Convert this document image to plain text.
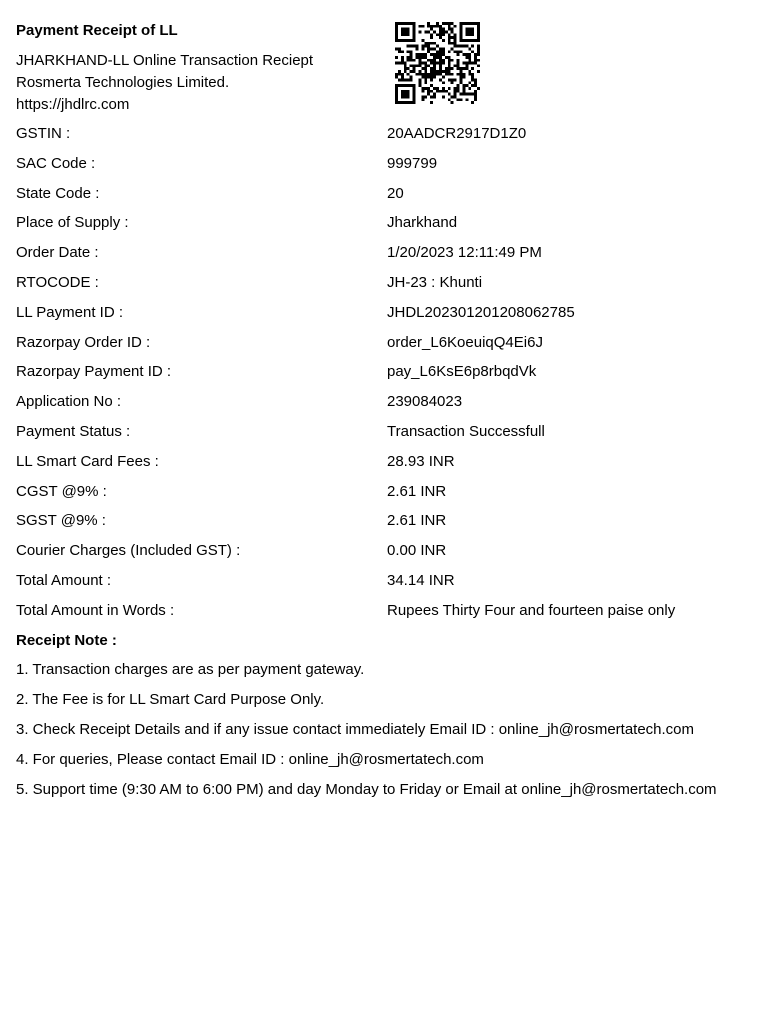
Payment Receipt of LL
JHARKHAND-LL Online Transaction Reciept
Rosmerta Technologies Limited.
https://jhdlrc.com
GSTIN :	20AADCR2917D1Z0
SAC Code :	999799
State Code :	20
Place of Supply :	Jharkhand
Order Date :	1/20/2023 12:11:49 PM
RTOCODE :	JH-23 : Khunti
LL Payment ID :	JHDL202301201208062785
Razorpay Order ID :	order_L6KoeuiqQ4Ei6J
Razorpay Payment ID :	pay_L6KsE6p8rbqdVk
Application No :	239084023
Payment Status :	Transaction Successfull
LL Smart Card Fees :	28.93 INR
CGST @9% :	2.61 INR
SGST @9% :	2.61 INR
Courier Charges (Included GST) :	0.00 INR
Total Amount :	34.14 INR
Total Amount in Words :	Rupees Thirty Four and fourteen paise only
Receipt Note :
1. Transaction charges are as per payment gateway.
2. The Fee is for LL Smart Card Purpose Only.
3. Check Receipt Details and if any issue contact immediately Email ID : online_jh@rosmertatech.com
4. For queries, Please contact Email ID : online_jh@rosmertatech.com
5. Support time (9:30 AM to 6:00 PM) and day Monday to Friday or Email at online_jh@rosmertatech.com
